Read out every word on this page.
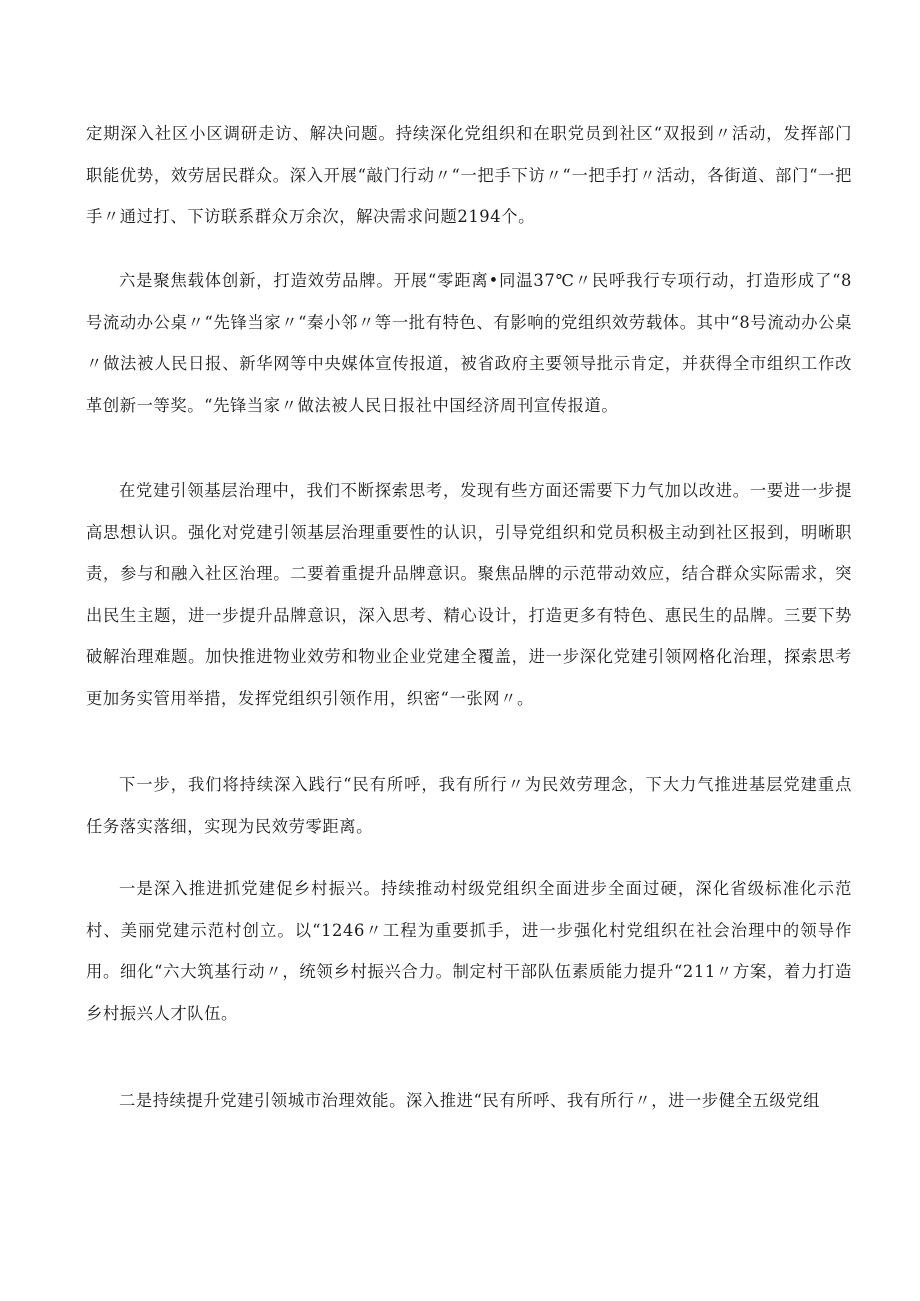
定期深入社区小区调研走访、解决问题。持续深化党组织和在职党员到社区“双报到〃活动，发挥部门职能优势，效劳居民群众。深入开展“敲门行动〃“一把手下访〃“一把手打〃活动，各街道、部门“一把手〃通过打、下访联系群众万余次，解决需求问题2194个。

六是聚焦载体创新，打造效劳品牌。开展“零距离•同温37℃〃民呼我行专项行动，打造形成了“8号流动办公桌〃“先锋当家〃“秦小邻〃等一批有特色、有影响的党组织效劳载体。其中“8号流动办公桌〃做法被人民日报、新华网等中央媒体宣传报道，被省政府主要领导批示肯定，并获得全市组织工作改革创新一等奖。“先锋当家〃做法被人民日报社中国经济周刊宣传报道。

在党建引领基层治理中，我们不断探索思考，发现有些方面还需要下力气加以改进。一要进一步提高思想认识。强化对党建引领基层治理重要性的认识，引导党组织和党员积极主动到社区报到，明晰职责，参与和融入社区治理。二要着重提升品牌意识。聚焦品牌的示范带动效应，结合群众实际需求，突出民生主题，进一步提升品牌意识，深入思考、精心设计，打造更多有特色、惠民生的品牌。三要下势破解治理难题。加快推进物业效劳和物业企业党建全覆盖，进一步深化党建引领网格化治理，探索思考更加务实管用举措，发挥党组织引领作用，织密“一张网〃。

下一步，我们将持续深入践行“民有所呼，我有所行〃为民效劳理念，下大力气推进基层党建重点任务落实落细，实现为民效劳零距离。

一是深入推进抓党建促乡村振兴。持续推动村级党组织全面进步全面过硬，深化省级标准化示范村、美丽党建示范村创立。以“1246〃工程为重要抓手，进一步强化村党组织在社会治理中的领导作用。细化“六大筑基行动〃，统领乡村振兴合力。制定村干部队伍素质能力提升“211〃方案，着力打造乡村振兴人才队伍。

二是持续提升党建引领城市治理效能。深入推进“民有所呼、我有所行〃，进一步健全五级党组
